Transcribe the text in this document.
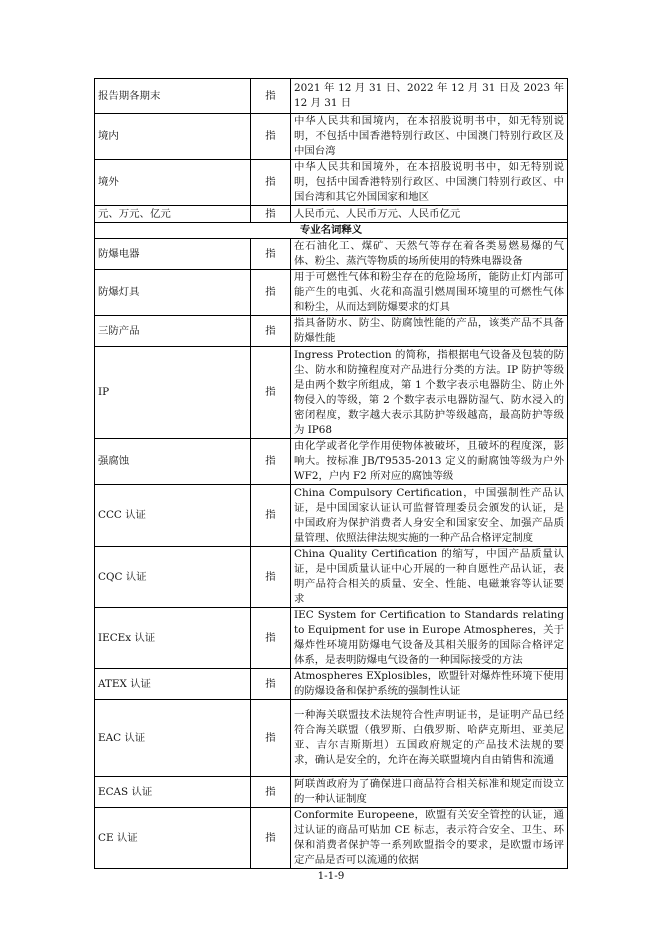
报告期各期末	指	2021 年 12 月 31 日、2022 年 12 月 31 日及 2023 年 12 月 31 日
境内	指	中华人民共和国境内，在本招股说明书中，如无特别说明，不包括中国香港特别行政区、中国澳门特别行政区及中国台湾
境外	指	中华人民共和国境外，在本招股说明书中，如无特别说明，包括中国香港特别行政区、中国澳门特别行政区、中国台湾和其它外国国家和地区
元、万元、亿元	指	人民币元、人民币万元、人民币亿元
专业名词释义		
防爆电器	指	在石油化工、煤矿、天然气等存在着各类易燃易爆的气体、粉尘、蒸汽等物质的场所使用的特殊电器设备
防爆灯具	指	用于可燃性气体和粉尘存在的危险场所，能防止灯内部可能产生的电弧、火花和高温引燃周围环境里的可燃性气体和粉尘，从而达到防爆要求的灯具
三防产品	指	指具备防水、防尘、防腐蚀性能的产品，该类产品不具备防爆性能
IP	指	Ingress Protection 的简称，指根据电气设备及包装的防尘、防水和防撞程度对产品进行分类的方法。IP 防护等级是由两个数字所组成，第 1 个数字表示电器防尘、防止外物侵入的等级，第 2 个数字表示电器防湿气、防水浸入的密闭程度，数字越大表示其防护等级越高，最高防护等级为 IP68
强腐蚀	指	由化学或者化学作用使物体被破坏，且破坏的程度深，影响大。按标准 JB/T9535-2013 定义的耐腐蚀等级为户外 WF2，户内 F2 所对应的腐蚀等级
CCC 认证	指	China Compulsory Certification，中国强制性产品认证，是中国国家认证认可监督管理委员会颁发的认证，是中国政府为保护消费者人身安全和国家安全、加强产品质量管理、依照法律法规实施的一种产品合格评定制度
CQC 认证	指	China Quality Certification 的缩写，中国产品质量认证，是中国质量认证中心开展的一种自愿性产品认证，表明产品符合相关的质量、安全、性能、电磁兼容等认证要求
IECEx 认证	指	IEC System for Certification to Standards relating to Equipment for use in Europe Atmospheres，关于爆炸性环境用防爆电气设备及其相关服务的国际合格评定体系，是表明防爆电气设备的一种国际接受的方法
ATEX 认证	指	Atmospheres EXplosibles，欧盟针对爆炸性环境下使用的防爆设备和保护系统的强制性认证
EAC 认证	指	一种海关联盟技术法规符合性声明证书，是证明产品已经符合海关联盟（俄罗斯、白俄罗斯、哈萨克斯坦、亚美尼亚、吉尔吉斯斯坦）五国政府规定的产品技术法规的要求，确认是安全的，允许在海关联盟境内自由销售和流通
ECAS 认证	指	阿联酋政府为了确保进口商品符合相关标准和规定而设立的一种认证制度
CE 认证	指	Conformite Europeene，欧盟有关安全管控的认证，通过认证的商品可贴加 CE 标志，表示符合安全、卫生、环保和消费者保护等一系列欧盟指令的要求，是欧盟市场评定产品是否可以流通的依据
1-1-9
